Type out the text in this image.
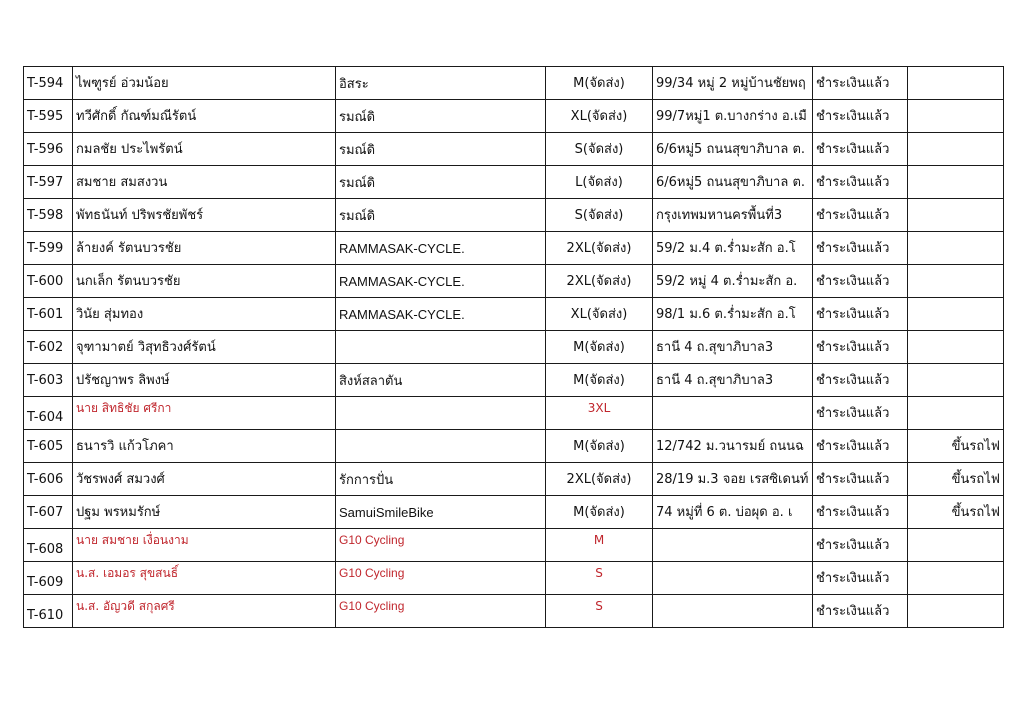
T-594	ไพฑูรย์ อ่วมน้อย	อิสระ	M(จัดส่ง)	99/34 หมู่ 2 หมู่บ้านชัยพฤ	ชำระเงินแล้ว	
T-595	ทวีศักดิ์ กัณฑ์มณีรัตน์	รมณ์ดิ	XL(จัดส่ง)	99/7หมู่1 ต.บางกร่าง อ.เมื	ชำระเงินแล้ว	
T-596	กมลชัย ประไพรัตน์	รมณ์ดิ	S(จัดส่ง)	6/6หมู่5 ถนนสุขาภิบาล ต.	ชำระเงินแล้ว	
T-597	สมชาย สมสงวน	รมณ์ดิ	L(จัดส่ง)	6/6หมู่5 ถนนสุขาภิบาล ต.	ชำระเงินแล้ว	
T-598	พัทธนันท์ ปริพรชัยพัชร์	รมณ์ดิ	S(จัดส่ง)	กรุงเทพมหานครพื้นที่3	ชำระเงินแล้ว	
T-599	ล้ายงค์ รัตนบวรชัย	RAMMASAK-CYCLE.	2XL(จัดส่ง)	59/2 ม.4 ต.ร่ำมะสัก อ.โ	ชำระเงินแล้ว	
T-600	นกเล็ก รัตนบวรชัย	RAMMASAK-CYCLE.	2XL(จัดส่ง)	59/2 หมู่ 4 ต.ร่ำมะสัก อ.	ชำระเงินแล้ว	
T-601	วินัย สุ่มทอง	RAMMASAK-CYCLE.	XL(จัดส่ง)	98/1 ม.6 ต.ร่ำมะสัก อ.โ	ชำระเงินแล้ว	
T-602	จุฑามาตย์ วิสุทธิวงศ์รัตน์		M(จัดส่ง)	ธานี 4 ถ.สุขาภิบาล3	ชำระเงินแล้ว	
T-603	ปรัชญาพร ลิพงษ์	สิงห์สลาตัน	M(จัดส่ง)	ธานี 4 ถ.สุขาภิบาล3	ชำระเงินแล้ว	
T-604	นาย สิทธิชัย ศรีกา		3XL		ชำระเงินแล้ว	
T-605	ธนารวิ แก้วโภคา		M(จัดส่ง)	12/742 ม.วนารมย์ ถนนฉ	ชำระเงินแล้ว	ขึ้นรถไฟ
T-606	วัชรพงศ์ สมวงศ์	รักการปั่น	2XL(จัดส่ง)	28/19 ม.3 จอย เรสซิเดนท์	ชำระเงินแล้ว	ขึ้นรถไฟ
T-607	ปฐม พรหมรักษ์	SamuiSmileBike	M(จัดส่ง)	74 หมู่ที่ 6 ต. บ่อผุด อ. เ	ชำระเงินแล้ว	ขึ้นรถไฟ
T-608	นาย สมชาย เงื่อนงาม	G10 Cycling	M		ชำระเงินแล้ว	
T-609	น.ส. เอมอร สุขสนธิ์	G10 Cycling	S		ชำระเงินแล้ว	
T-610	น.ส. อัญวดี สกุลศรี	G10 Cycling	S		ชำระเงินแล้ว	
